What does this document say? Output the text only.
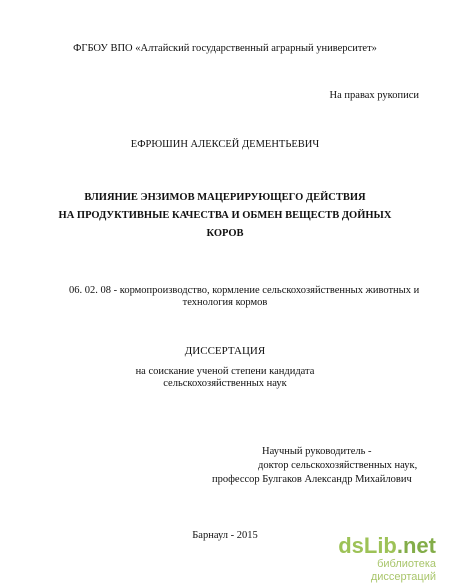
ФГБОУ ВПО «Алтайский государственный аграрный университет»
На правах рукописи
ЕФРЮШИН АЛЕКСЕЙ ДЕМЕНТЬЕВИЧ
ВЛИЯНИЕ ЭНЗИМОВ МАЦЕРИРУЮЩЕГО ДЕЙСТВИЯ
НА ПРОДУКТИВНЫЕ КАЧЕСТВА И ОБМЕН ВЕЩЕСТВ ДОЙНЫХ
КОРОВ
06. 02. 08 - кормопроизводство, кормление сельскохозяйственных животных и
технология кормов
ДИССЕРТАЦИЯ
на соискание ученой степени кандидата
сельскохозяйственных наук
Научный руководитель -
доктор сельскохозяйственных наук,
профессор Булгаков Александр Михайлович
Барнаул - 2015	dsLib.net
библиотека диссертаций
